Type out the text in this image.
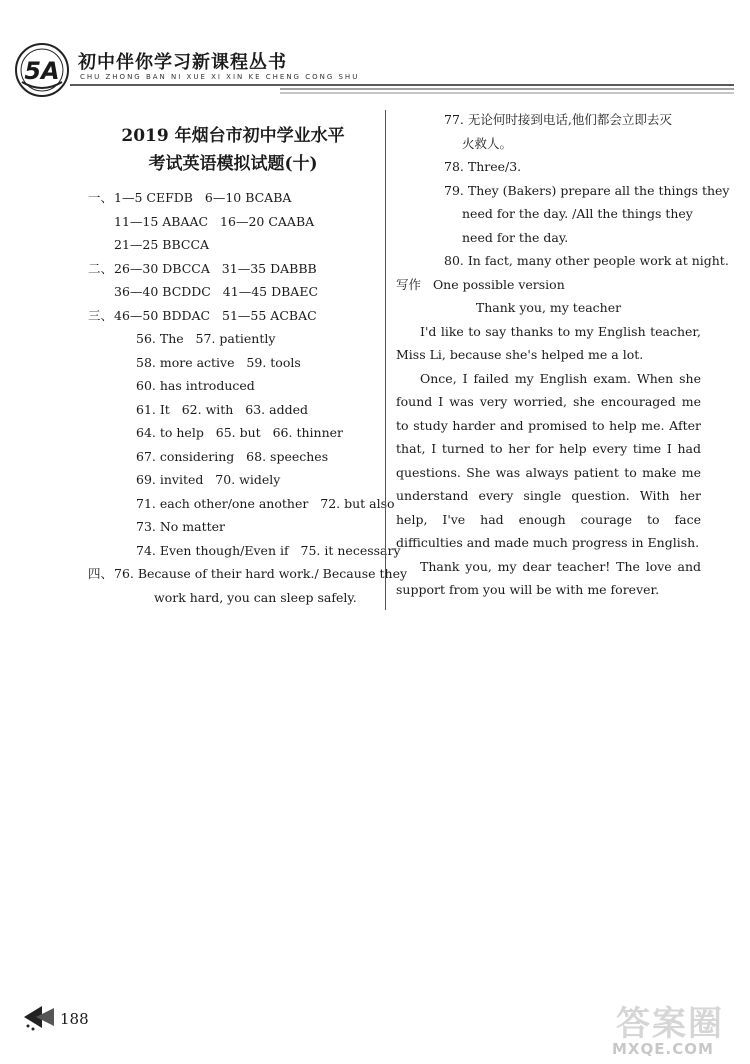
5A 初中伴你学习新课程丛书
CHU ZHONG BAN NI XUE XI XIN KE CHENG CONG SHU
2019 年烟台市初中学业水平
考试英语模拟试题(十)
一、1—5 CEFDB   6—10 BCABA
11—15 ABAAC   16—20 CAABA
21—25 BBCCA
二、26—30 DBCCA   31—35 DABBB
36—40 BCDDC   41—45 DBAEC
三、46—50 BDDAC   51—55 ACBAC
56. The   57. patiently
58. more active   59. tools
60. has introduced
61. It   62. with   63. added
64. to help   65. but   66. thinner
67. considering   68. speeches
69. invited   70. widely
71. each other/one another   72. but also
73. No matter
74. Even though/Even if   75. it necessary
四、76. Because of their hard work./ Because they
work hard, you can sleep safely.
77. 无论何时接到电话,他们都会立即去灭
火救人。
78. Three/3.
79. They (Bakers) prepare all the things they
need for the day. /All the things they
need for the day.
80. In fact, many other people work at night.
写作 One possible version
Thank you, my teacher

I'd like to say thanks to my English teacher, Miss Li, because she's helped me a lot.

Once, I failed my English exam. When she found I was very worried, she encouraged me to study harder and promised to help me. After that, I turned to her for help every time I had questions. She was always patient to make me understand every single question. With her help, I've had enough courage to face difficulties and made much progress in English.

Thank you, my dear teacher! The love and support from you will be with me forever.

188	答案圈
MXQE.COM
